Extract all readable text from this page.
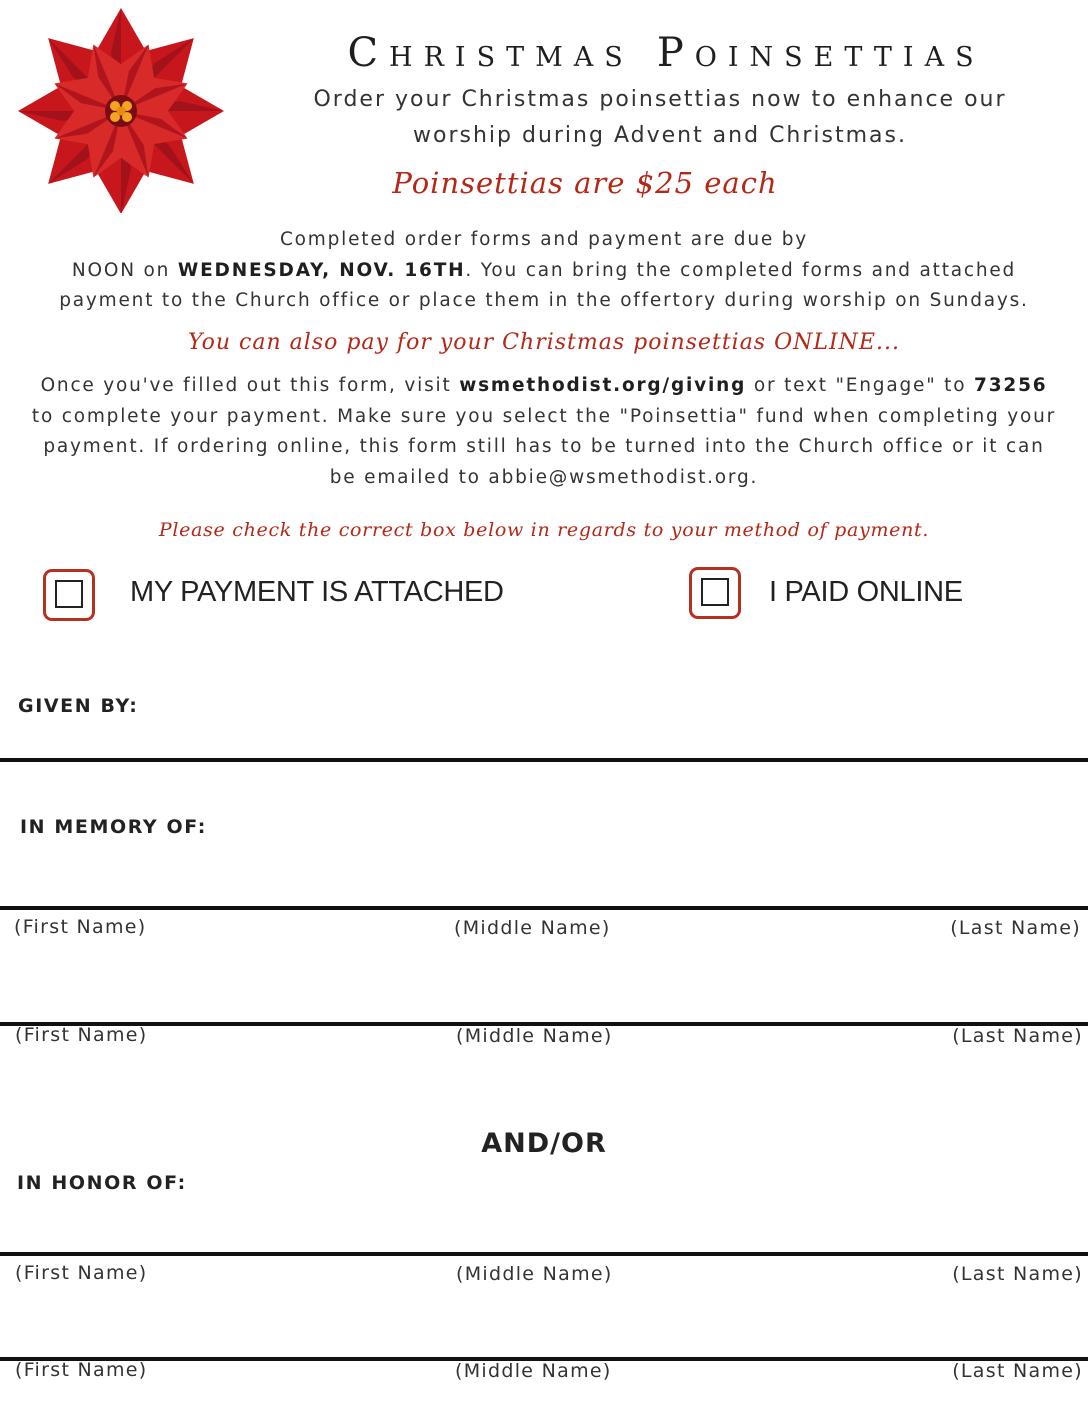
CHRISTMAS POINSETTIAS
Order your Christmas poinsettias now to enhance our
worship during Advent and Christmas.
Poinsettias are $25 each
Completed order forms and payment are due by
NOON on WEDNESDAY, NOV. 16TH. You can bring the completed forms and attached
payment to the Church office or place them in the offertory during worship on Sundays.
You can also pay for your Christmas poinsettias ONLINE...
Once you've filled out this form, visit wsmethodist.org/giving or text "Engage" to 73256
to complete your payment. Make sure you select the "Poinsettia" fund when completing your
payment. If ordering online, this form still has to be turned into the Church office or it can
be emailed to abbie@wsmethodist.org.
Please check the correct box below in regards to your method of payment.
MY PAYMENT IS ATTACHED	I PAID ONLINE
GIVEN BY:
IN MEMORY OF:
(First Name)	(Middle Name)	(Last Name)
(First Name)	(Middle Name)	(Last Name)
AND/OR
IN HONOR OF:
(First Name)	(Middle Name)	(Last Name)
(First Name)	(Middle Name)	(Last Name)
